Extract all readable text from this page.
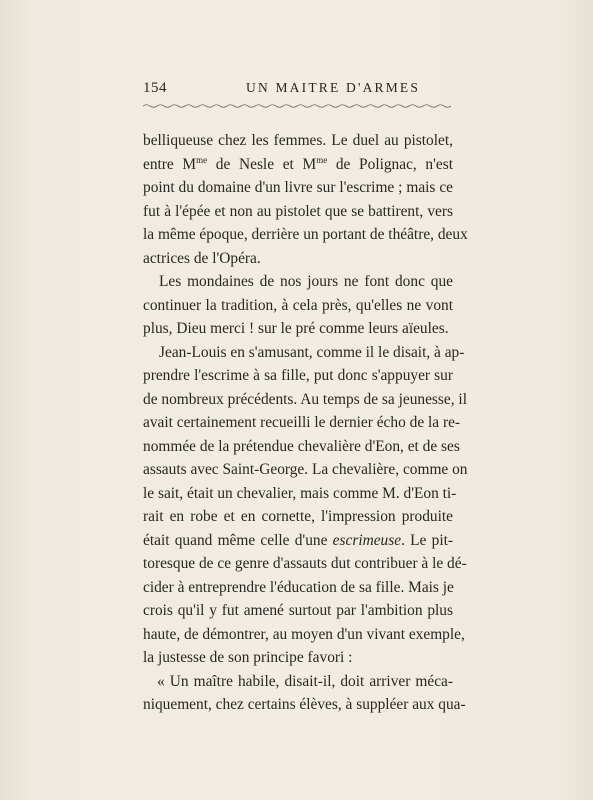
154	UN MAITRE D'ARMES
belliqueuse chez les femmes. Le duel au pistolet,
entre $M^{me}$ de Nesle et $M^{me}$ de Polignac, n'est
point du domaine d'un livre sur l'escrime ; mais ce
fut à l'épée et non au pistolet que se battirent, vers
la même époque, derrière un portant de théâtre, deux
actrices de l'Opéra.
Les mondaines de nos jours ne font donc que
continuer la tradition, à cela près, qu'elles ne vont
plus, Dieu merci ! sur le pré comme leurs aïeules.
Jean-Louis en s'amusant, comme il le disait, à ap-
prendre l'escrime à sa fille, put donc s'appuyer sur
de nombreux précédents. Au temps de sa jeunesse, il
avait certainement recueilli le dernier écho de la re-
nommée de la prétendue chevalière d'Eon, et de ses
assauts avec Saint-George. La chevalière, comme on
le sait, était un chevalier, mais comme M. d'Eon ti-
rait en robe et en cornette, l'impression produite
était quand même celle d'une escrimeuse. Le pit-
toresque de ce genre d'assauts dut contribuer à le dé-
cider à entreprendre l'éducation de sa fille. Mais je
crois qu'il y fut amené surtout par l'ambition plus
haute, de démontrer, au moyen d'un vivant exemple,
la justesse de son principe favori :
« Un maître habile, disait-il, doit arriver méca-
niquement, chez certains élèves, à suppléer aux qua-
